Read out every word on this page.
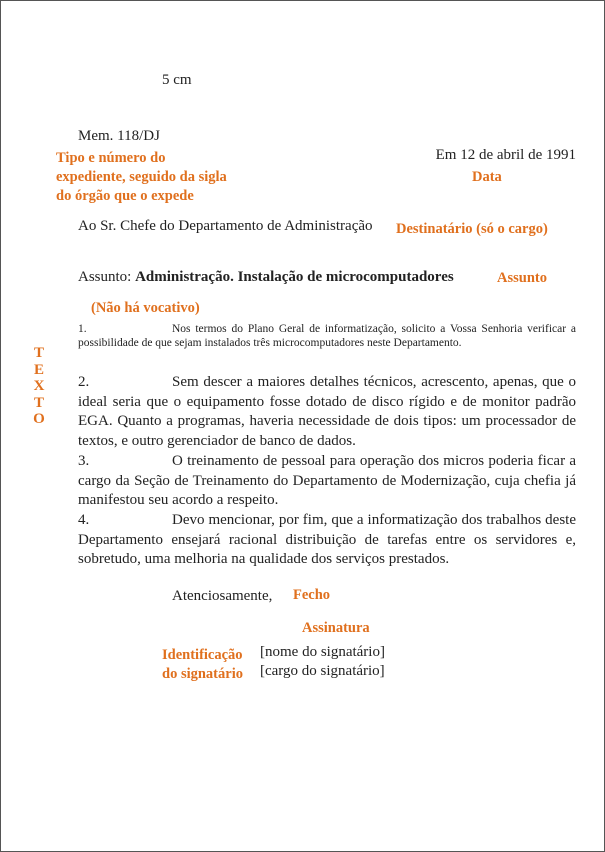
5 cm
Mem. 118/DJ
Tipo e número do
expediente, seguido da sigla
do órgão que o expede
Em 12 de abril de 1991
Data
Ao Sr. Chefe do Departamento de Administração Destinatário (só o cargo)
Assunto: Administração. Instalação de microcomputadores	Assunto
(Não há vocativo)
T
E
X
T
O
1.	Nos termos do Plano Geral de informatização, solicito a Vossa Senhoria verificar a possibilidade de que sejam instalados três microcomputadores neste Departamento.
2.	Sem descer a maiores detalhes técnicos, acrescento, apenas, que o ideal seria que o equipamento fosse dotado de disco rígido e de monitor padrão EGA. Quanto a programas, haveria necessidade de dois tipos: um processador de textos, e outro gerenciador de banco de dados.
3.	O treinamento de pessoal para operação dos micros poderia ficar a cargo da Seção de Treinamento do Departamento de Modernização, cuja chefia já manifestou seu acordo a respeito.
4.	Devo mencionar, por fim, que a informatização dos trabalhos deste Departamento ensejará racional distribuição de tarefas entre os servidores e, sobretudo, uma melhoria na qualidade dos serviços prestados.
Atenciosamente, Fecho
Assinatura
Identificação
do signatário
[nome do signatário]
[cargo do signatário]
